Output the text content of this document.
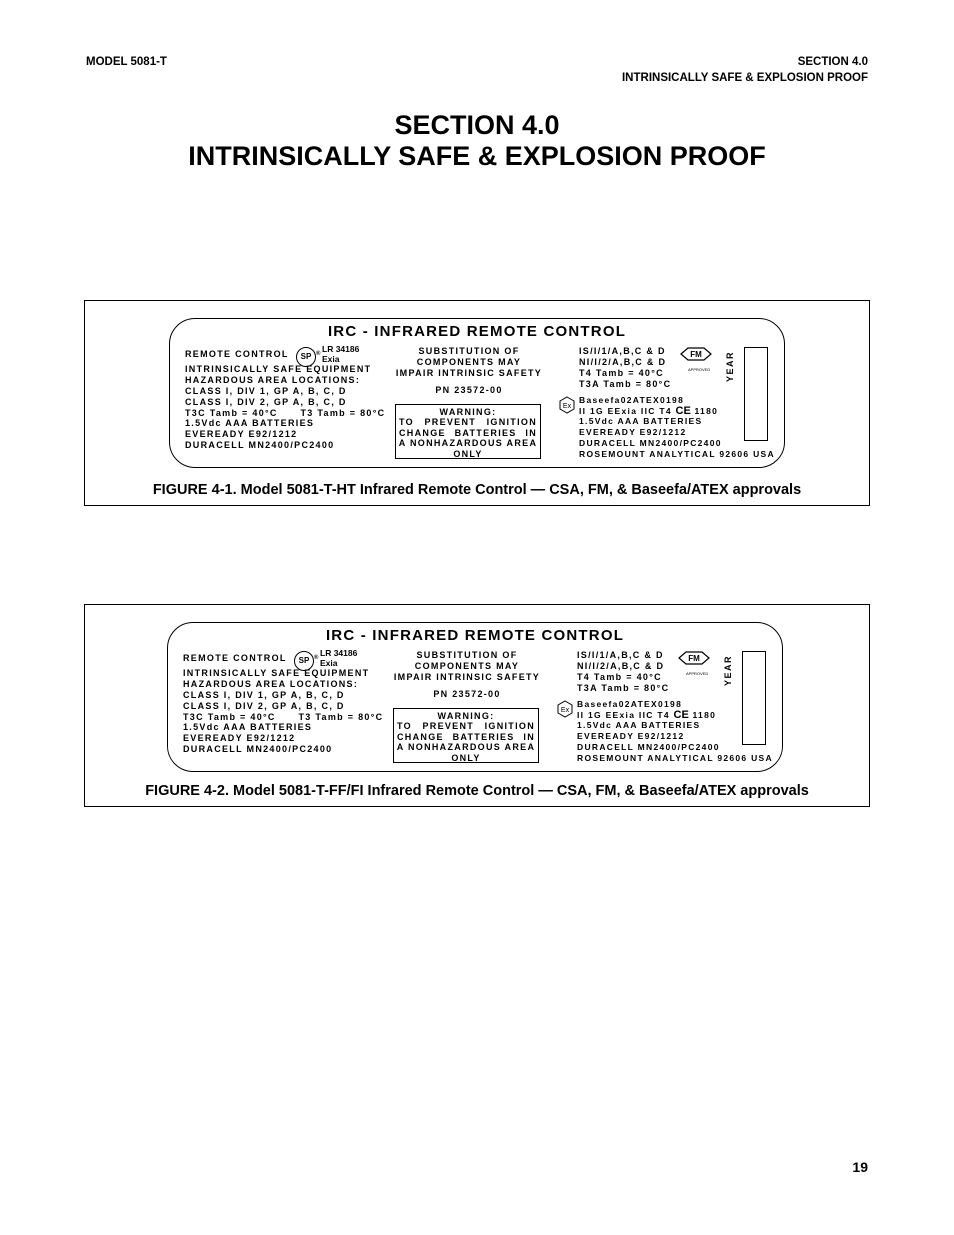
MODEL 5081-T	SECTION 4.0
INTRINSICALLY SAFE & EXPLOSION PROOF
SECTION 4.0
INTRINSICALLY SAFE & EXPLOSION PROOF
IRC - INFRARED REMOTE CONTROL
REMOTE CONTROL
INTRINSICALLY SAFE EQUIPMENT
HAZARDOUS AREA LOCATIONS:
CLASS I, DIV 1, GP A, B, C, D
CLASS I, DIV 2, GP A, B, C, D
T3C Tamb = 40°C      T3 Tamb = 80°C
1.5Vdc AAA BATTERIES
EVEREADY E92/1212
DURACELL MN2400/PC2400
SP ® LR 34186
Exia
SUBSTITUTION OF
COMPONENTS MAY
IMPAIR INTRINSIC SAFETY
PN 23572-00
WARNING:
TO PREVENT IGNITION
CHANGE BATTERIES IN
A NONHAZARDOUS AREA
ONLY
IS/I/1/A,B,C & D
NI/I/2/A,B,C & D
T4 Tamb = 40°C
T3A Tamb = 80°C
Baseefa02ATEX0198
II 1G EExia IIC T4 CE 1180
1.5Vdc AAA BATTERIES
EVEREADY E92/1212
DURACELL MN2400/PC2400
ROSEMOUNT ANALYTICAL 92606 USA
FM
APPROVED
Ex
YEAR
FIGURE 4-1. Model 5081-T-HT Infrared Remote Control — CSA, FM, & Baseefa/ATEX approvals
IRC - INFRARED REMOTE CONTROL
REMOTE CONTROL
INTRINSICALLY SAFE EQUIPMENT
HAZARDOUS AREA LOCATIONS:
CLASS I, DIV 1, GP A, B, C, D
CLASS I, DIV 2, GP A, B, C, D
T3C Tamb = 40°C      T3 Tamb = 80°C
1.5Vdc AAA BATTERIES
EVEREADY E92/1212
DURACELL MN2400/PC2400
SP ® LR 34186
Exia
SUBSTITUTION OF
COMPONENTS MAY
IMPAIR INTRINSIC SAFETY
PN 23572-00
WARNING:
TO PREVENT IGNITION
CHANGE BATTERIES IN
A NONHAZARDOUS AREA
ONLY
IS/I/1/A,B,C & D
NI/I/2/A,B,C & D
T4 Tamb = 40°C
T3A Tamb = 80°C
Baseefa02ATEX0198
II 1G EExia IIC T4 CE 1180
1.5Vdc AAA BATTERIES
EVEREADY E92/1212
DURACELL MN2400/PC2400
ROSEMOUNT ANALYTICAL 92606 USA
FM
APPROVED
Ex
YEAR
FIGURE 4-2. Model 5081-T-FF/FI Infrared Remote Control — CSA, FM, & Baseefa/ATEX approvals
19
